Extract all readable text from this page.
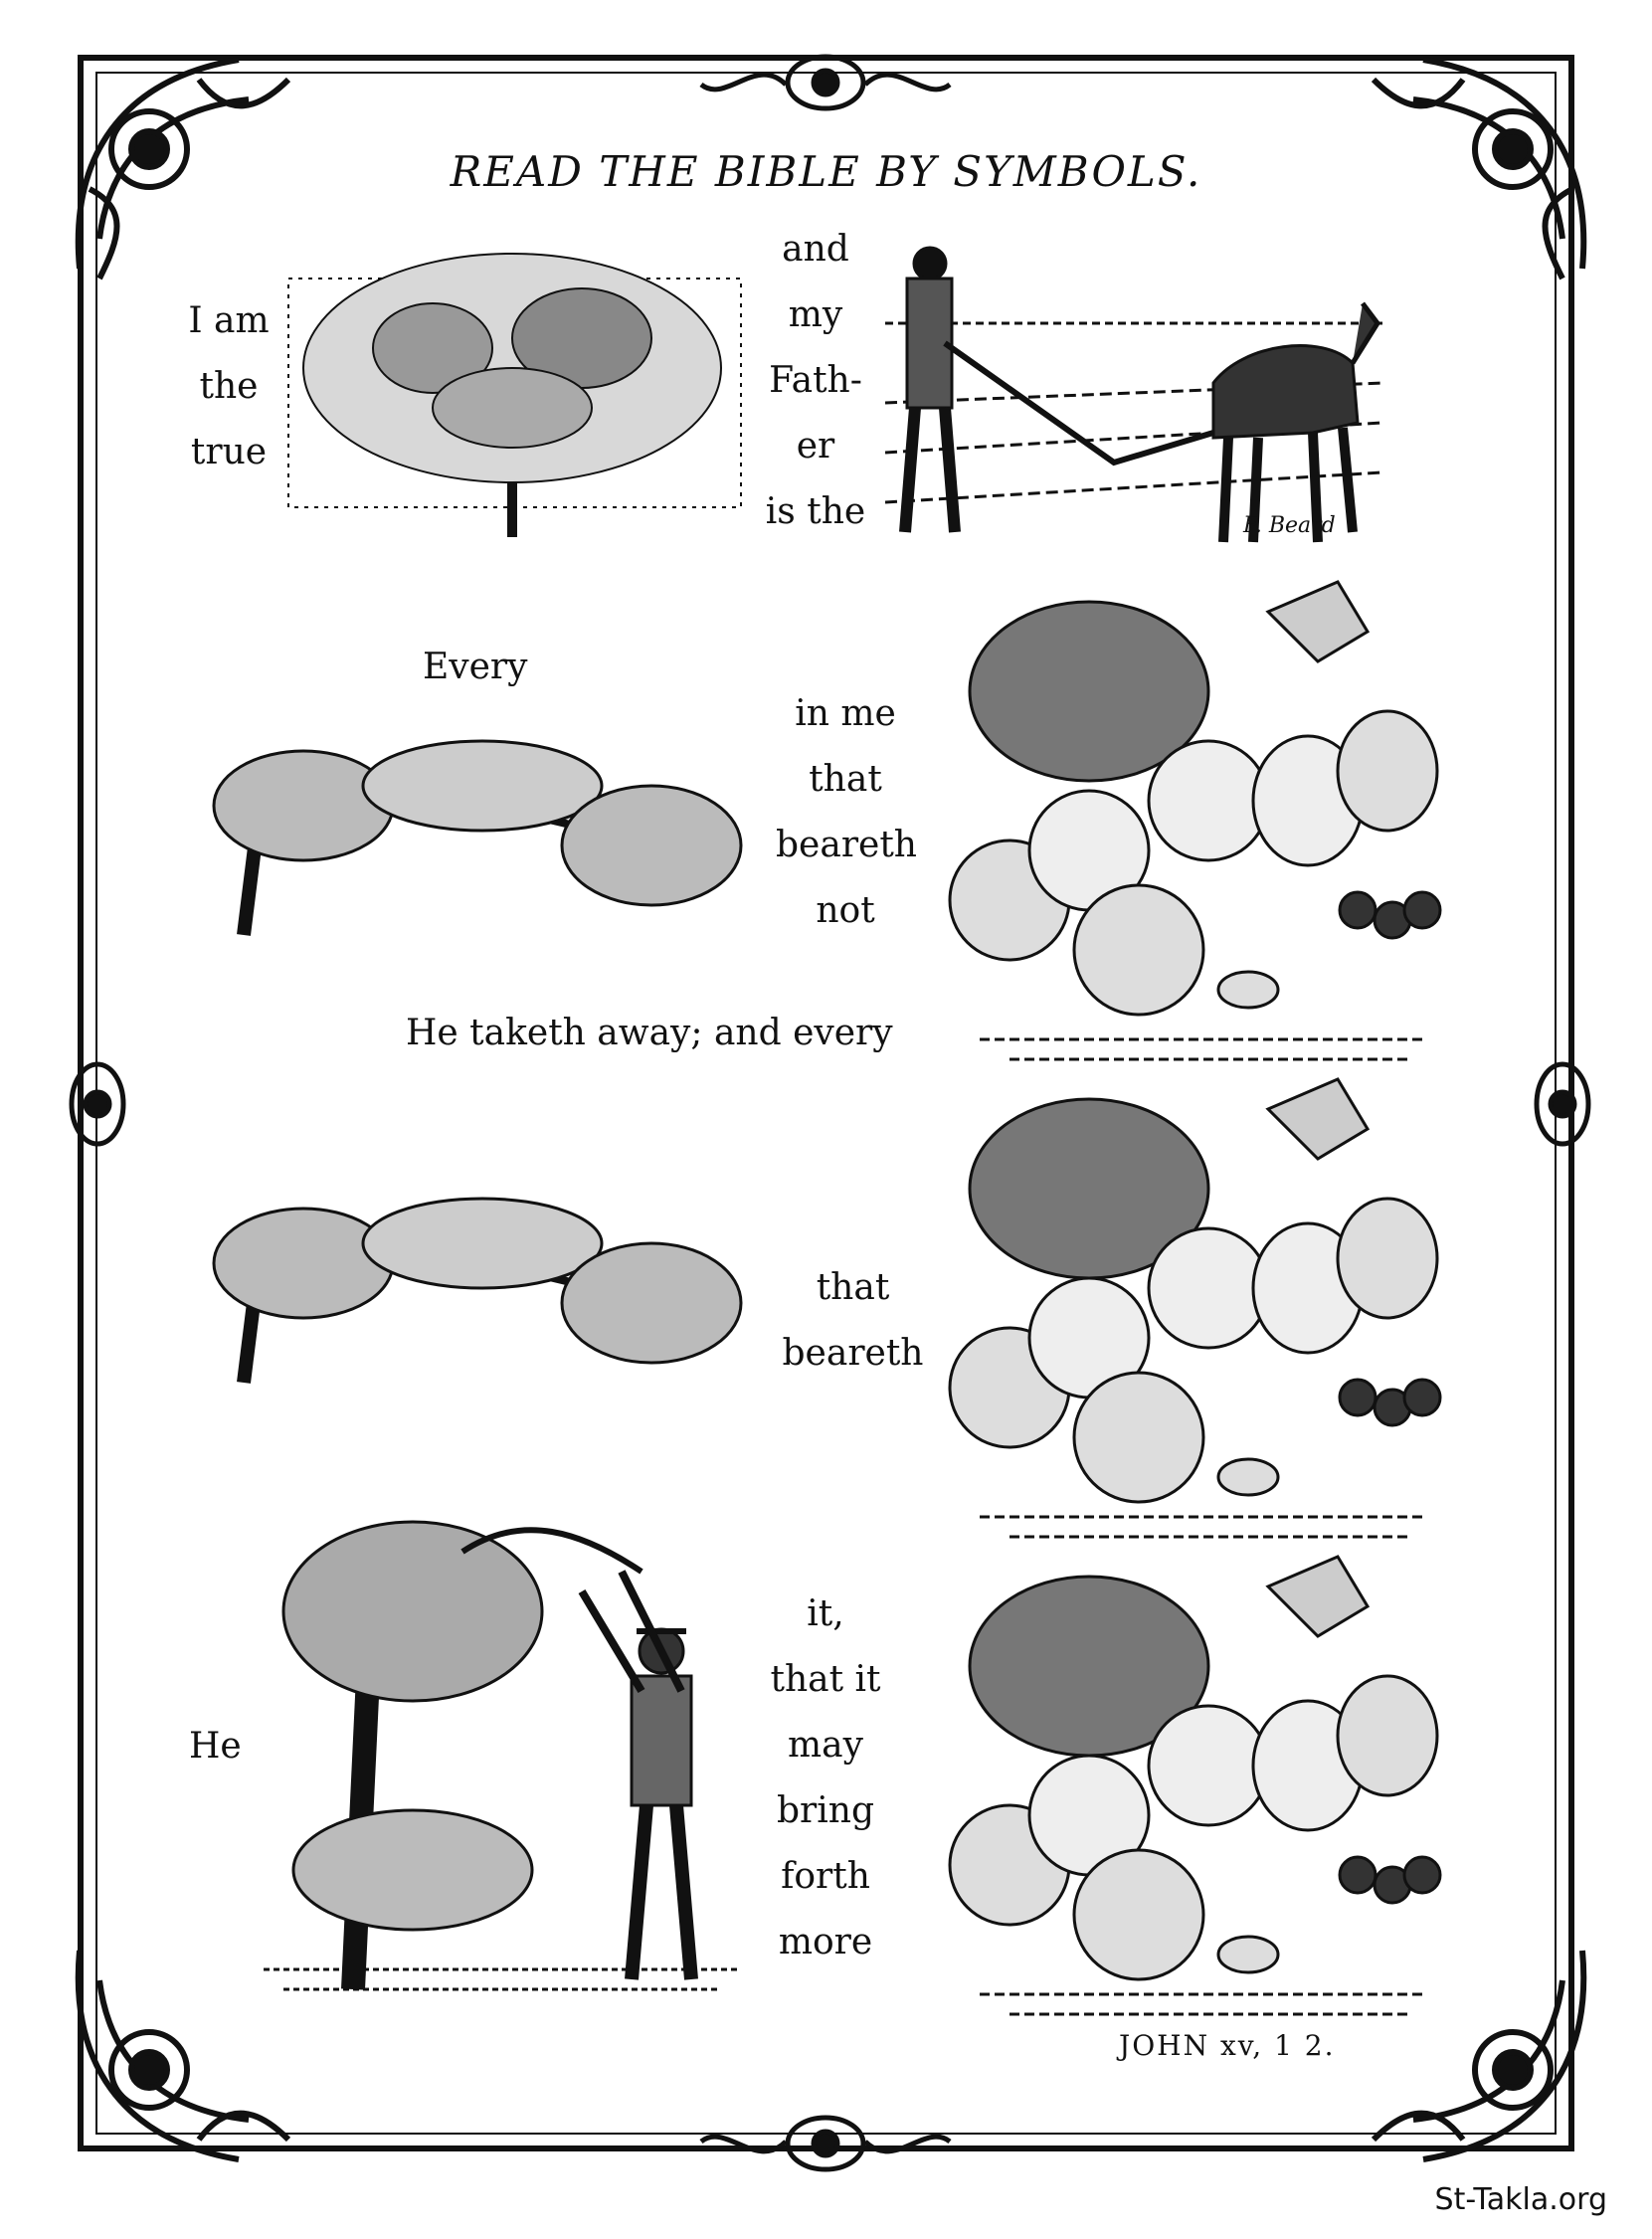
READ THE BIBLE BY SYMBOLS.
I am
the
true
and
my
Fath-
er
is the	F. Beard
Every
in me
that
beareth
not
He taketh away; and every
that
beareth
He
it,
that it
may
bring
forth
more
JOHN xv, 1 2.
St-Takla.org
